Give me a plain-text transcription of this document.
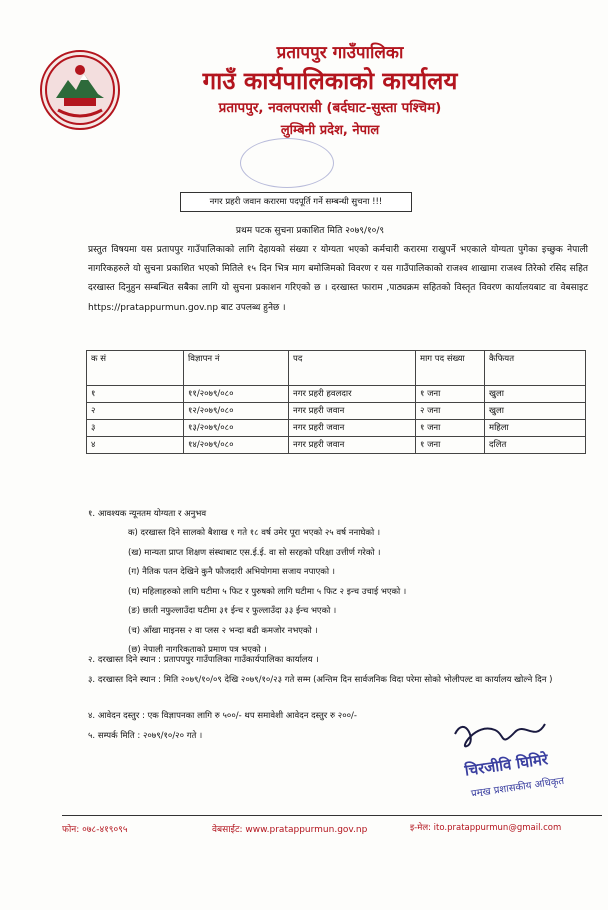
प्रतापपुर गाउँपालिका
गाउँ कार्यपालिकाको कार्यालय
प्रतापपुर, नवलपरासी (बर्दघाट-सुस्ता पश्चिम)
लुम्बिनी प्रदेश, नेपाल
नगर प्रहरी जवान करारमा पदपूर्ति गर्ने सम्बन्धी सुचना !!!
प्रथम पटक सुचना प्रकाशित मिति २०७९/१०/९
प्रस्तुत विषयमा यस प्रतापपुर गाउँपालिकाको लागि देहायको संख्या र योग्यता भएको कर्मचारी करारमा राखुपर्ने भएकाले योग्यता पुगेका इच्छुक नेपाली नागरिकहरुले यो सुचना प्रकाशित भएको मितिले १५ दिन भित्र माग बमोजिमको विवरण र यस गाउँपालिकाको राजश्व शाखामा राजश्व तिरेको रसिद सहित दरखास्त दिनुहुन सम्बन्धित सबैका लागि यो सुचना प्रकाशन गरिएको छ । दरखास्त फाराम ,पाठ्यक्रम सहितको विस्तृत विवरण कार्यालयबाट वा वेबसाइट https://pratappurmun.gov.np बाट उपलब्ध हुनेछ ।
क सं	विज्ञापन नं	पद	माग पद संख्या	कैफियत
१	११/२०७९/०८०	नगर प्रहरी हवलदार	१ जना	खुला
२	१२/२०७९/०८०	नगर प्रहरी जवान	२ जना	खुला
३	१३/२०७९/०८०	नगर प्रहरी जवान	१ जना	महिला
४	१४/२०७९/०८०	नगर प्रहरी जवान	१ जना	दलित
१. आवश्यक न्यूनतम योग्यता र अनुभव
क) दरखास्त दिने सालको बैशाख १ गते १८ वर्ष उमेर पूरा भएको २५ वर्ष ननाघेको ।
(ख) मान्यता प्राप्त शिक्षण संस्थाबाट एस.ई.ई. वा सो सरहको परिक्षा उत्तीर्ण गरेको ।
(ग) नैतिक पतन देखिने कुनै फौजदारी अभियोगमा सजाय नपाएको ।
(घ) महिलाहरुको लागि घटीमा ५ फिट र पुरुषको लागि घटीमा ५ फिट २ इन्च उचाई भएको ।
(ङ) छाती नफुल्लाउँदा घटीमा ३१ ईन्च र फुल्लाउँदा ३३ ईन्च भएको ।
(च) आँखा माइनस २ वा प्लस २ भन्दा बढी कमजोर नभएको ।
(छ) नेपाली नागरिकताको प्रमाण पत्र भएको ।
२. दरखास्त दिने स्थान : प्रतापपपुर गाउँपालिका गाउँकार्यपालिका कार्यालय ।
३. दरखास्त दिने स्थान : मिति २०७९/१०/०९ देखि २०७९/१०/२३ गते सम्म (अन्तिम दिन सार्वजनिक विदा परेमा सोको भोलीपल्ट वा कार्यालय खोल्ने दिन )
४. आवेदन दस्तुर : एक विज्ञापनका लागि रु ५००/- थप समावेशी आवेदन दस्तुर रु २००/-
५. सम्पर्क मिति : २०७९/१०/२० गते ।
चिरजीवि घिमिरे
प्रमुख प्रशासकीय अधिकृत
फोन: ०७८-४१९०९५	वेबसाईट: www.pratappurmun.gov.np	इ-मेल: ito.pratappurmun@gmail.com
